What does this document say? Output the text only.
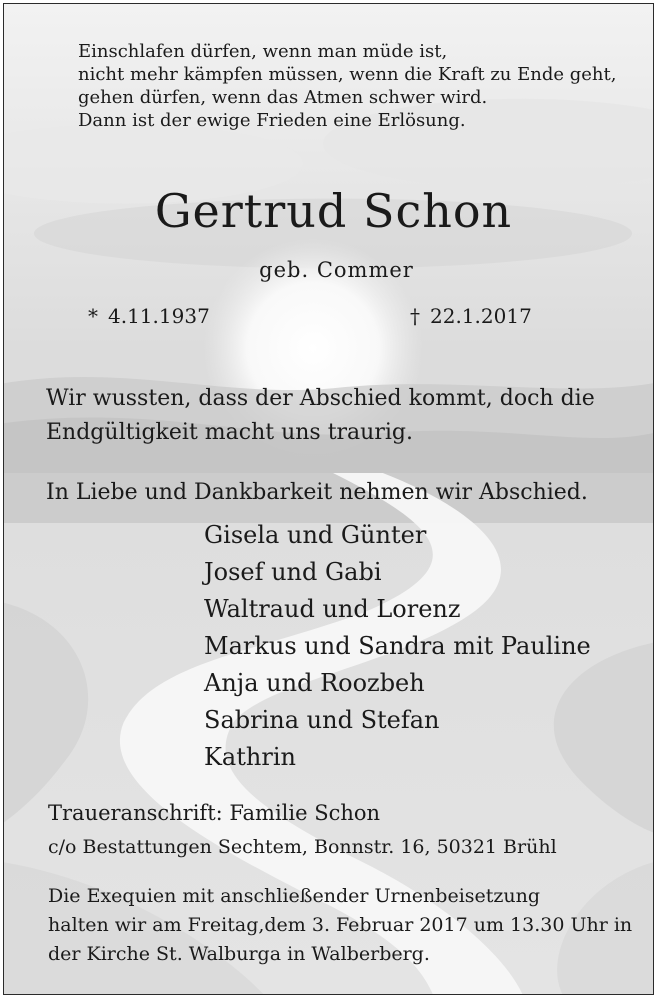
Einschlafen dürfen, wenn man müde ist,
nicht mehr kämpfen müssen, wenn die Kraft zu Ende geht,
gehen dürfen, wenn das Atmen schwer wird.
Dann ist der ewige Frieden eine Erlösung.
Gertrud Schon
geb. Commer
* 4.11.1937	† 22.1.2017
Wir wussten, dass der Abschied kommt, doch die
Endgültigkeit macht uns traurig.
In Liebe und Dankbarkeit nehmen wir Abschied.
Gisela und Günter
Josef und Gabi
Waltraud und Lorenz
Markus und Sandra mit Pauline
Anja und Roozbeh
Sabrina und Stefan
Kathrin
Traueranschrift: Familie Schon
c/o Bestattungen Sechtem, Bonnstr. 16, 50321 Brühl
Die Exequien mit anschließender Urnenbeisetzung
halten wir am Freitag,dem 3. Februar 2017 um 13.30 Uhr in
der Kirche St. Walburga in Walberberg.
